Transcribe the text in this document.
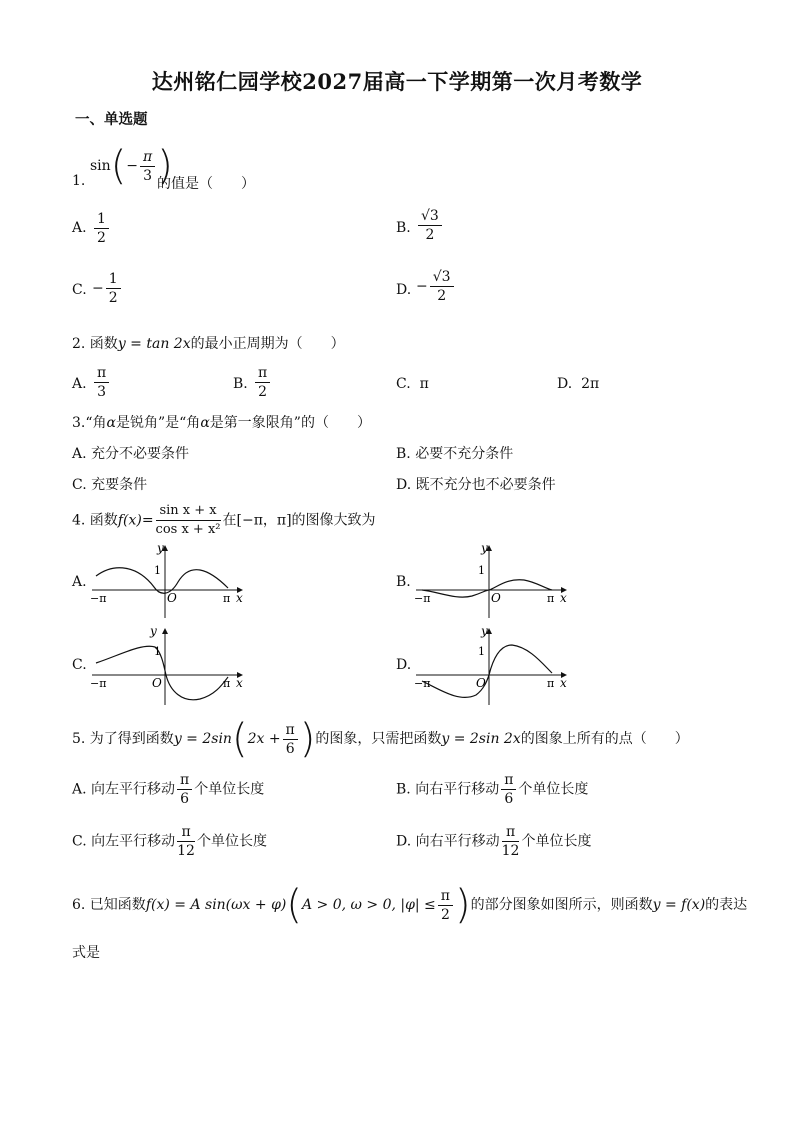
达州铭仁园学校2027届高一下学期第一次月考数学
一、单选题
$\sin(- \frac{\pi}{3}$ )
1.	的值是（　　）
A. $\frac{1}{2}$	B. $\frac{√3}{2}$
C. − $\frac{1}{2}$	D. − $\frac{√3}{2}$
2. 函数y = tan 2x的最小正周期为（　　）
A. $\frac{\pi}{3}$	B. $\frac{\pi}{2}$	C. π	D. 2π
3.“角α是锐角”是“角α是第一象限角”的（　　）
A. 充分不必要条件	B. 必要不充分条件
C. 充要条件	D. 既不充分也不必要条件
4. 函数$f(x)= \frac{\text{sin x + x}}{\text{cos x + x²}}$ 在[−π，π]的图像大致为
A.	B.
C.	D.
y
1
−π	O	π x
y
1
−π	O	π x
y
1
−π	O	π x
y
1
−π	O	π x
5. 为了得到函数$y = 2\sin(2x + \frac{\pi}{6}$ )的图象，只需把函数y = 2sin 2x的图象上所有的点（　　）
A. 向左平行移动 $\frac{\pi}{6}$ 个单位长度	B. 向右平行移动 $\frac{\pi}{6}$ 个单位长度
C. 向左平行移动 $\frac{\pi}{12}$ 个单位长度	D. 向右平行移动 $\frac{\pi}{12}$ 个单位长度
6. 已知函数f(x) = A sin(ωx + φ)(A > 0, ω > 0, $|\varphi| \le \frac{\pi}{2}$ )的部分图象如图所示，则函数y = f(x)的表达
式是
